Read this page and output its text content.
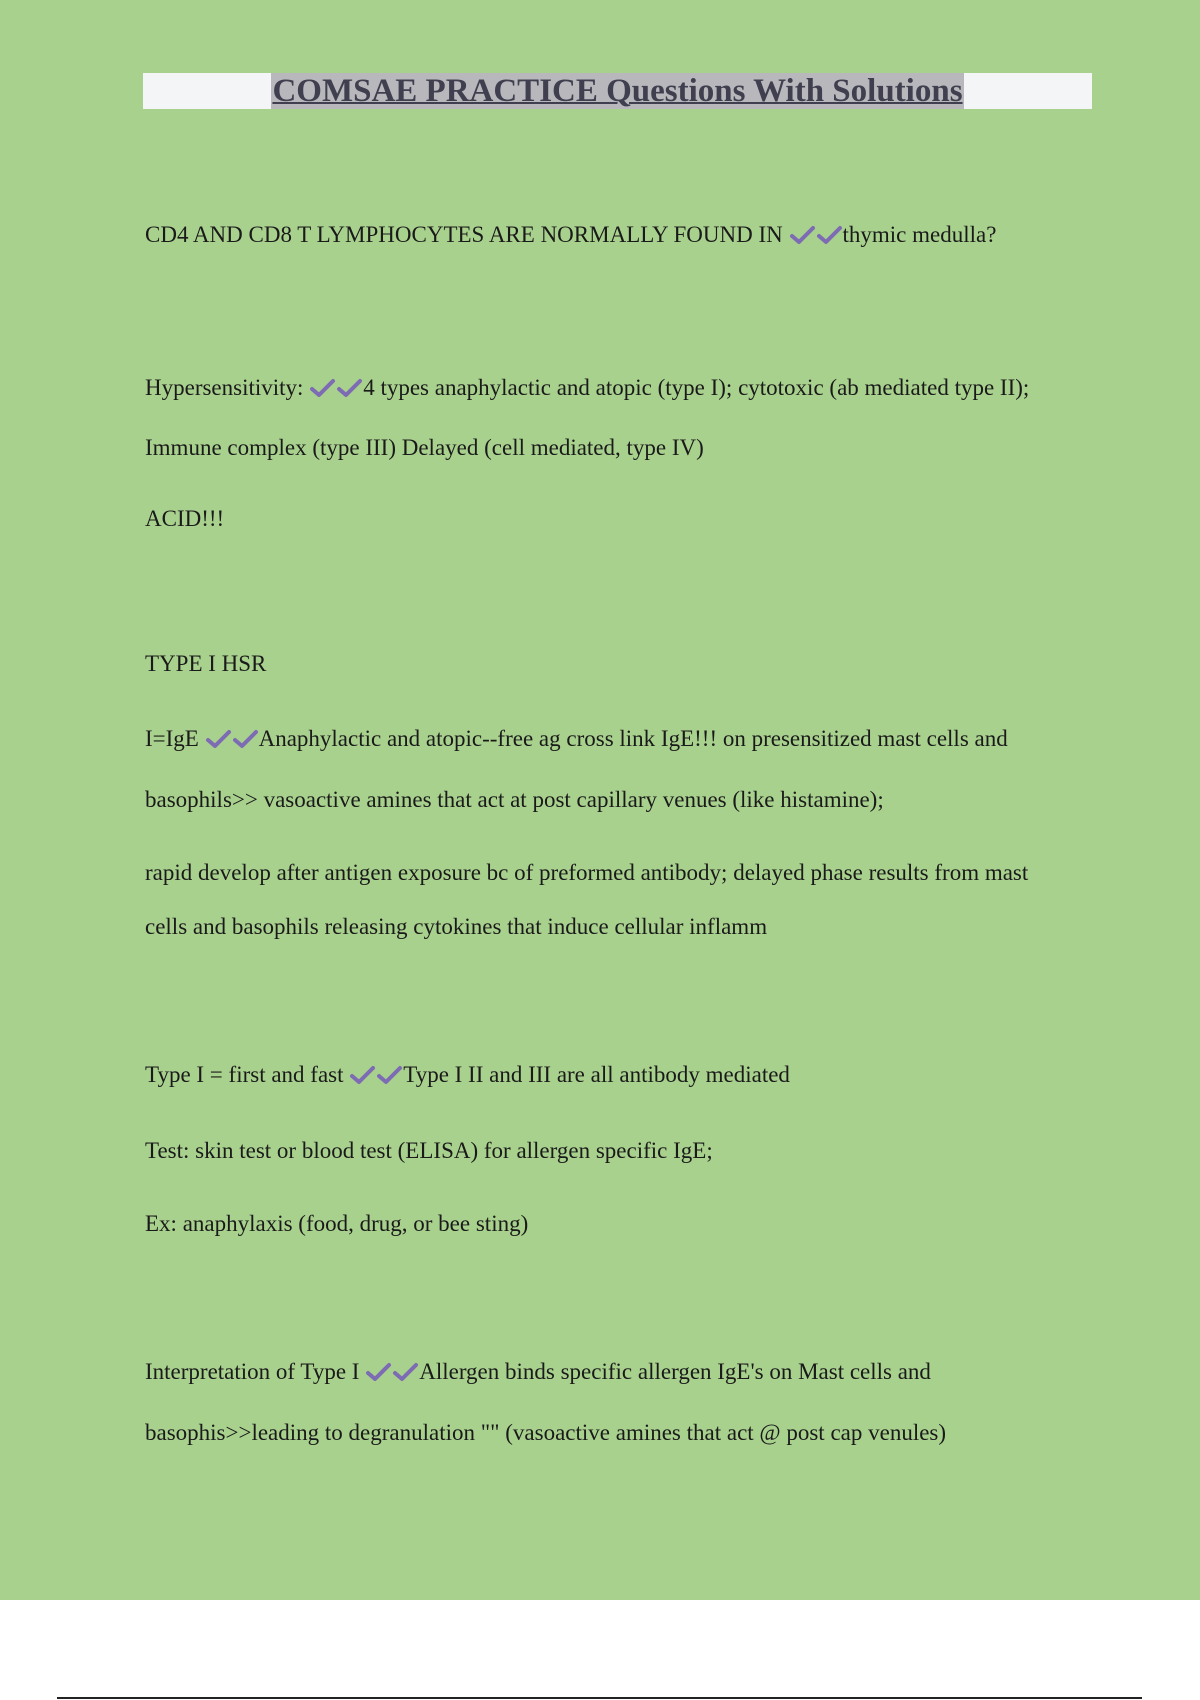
COMSAE PRACTICE Questions With Solutions
CD4 AND CD8 T LYMPHOCYTES ARE NORMALLY FOUND IN	thymic medulla?
Hypersensitivity:	4 types anaphylactic and atopic (type I); cytotoxic (ab mediated type II);
Immune complex (type III) Delayed (cell mediated, type IV)
ACID!!!
TYPE I HSR
I=IgE	Anaphylactic and atopic--free ag cross link IgE!!! on presensitized mast cells and
basophils>> vasoactive amines that act at post capillary venues (like histamine);
rapid develop after antigen exposure bc of preformed antibody; delayed phase results from mast
cells and basophils releasing cytokines that induce cellular inflamm
Type I = first and fast	Type I II and III are all antibody mediated
Test: skin test or blood test (ELISA) for allergen specific IgE;
Ex: anaphylaxis (food, drug, or bee sting)
Interpretation of Type I	Allergen binds specific allergen IgE's on Mast cells and
basophis>>leading to degranulation "" (vasoactive amines that act @ post cap venules)
